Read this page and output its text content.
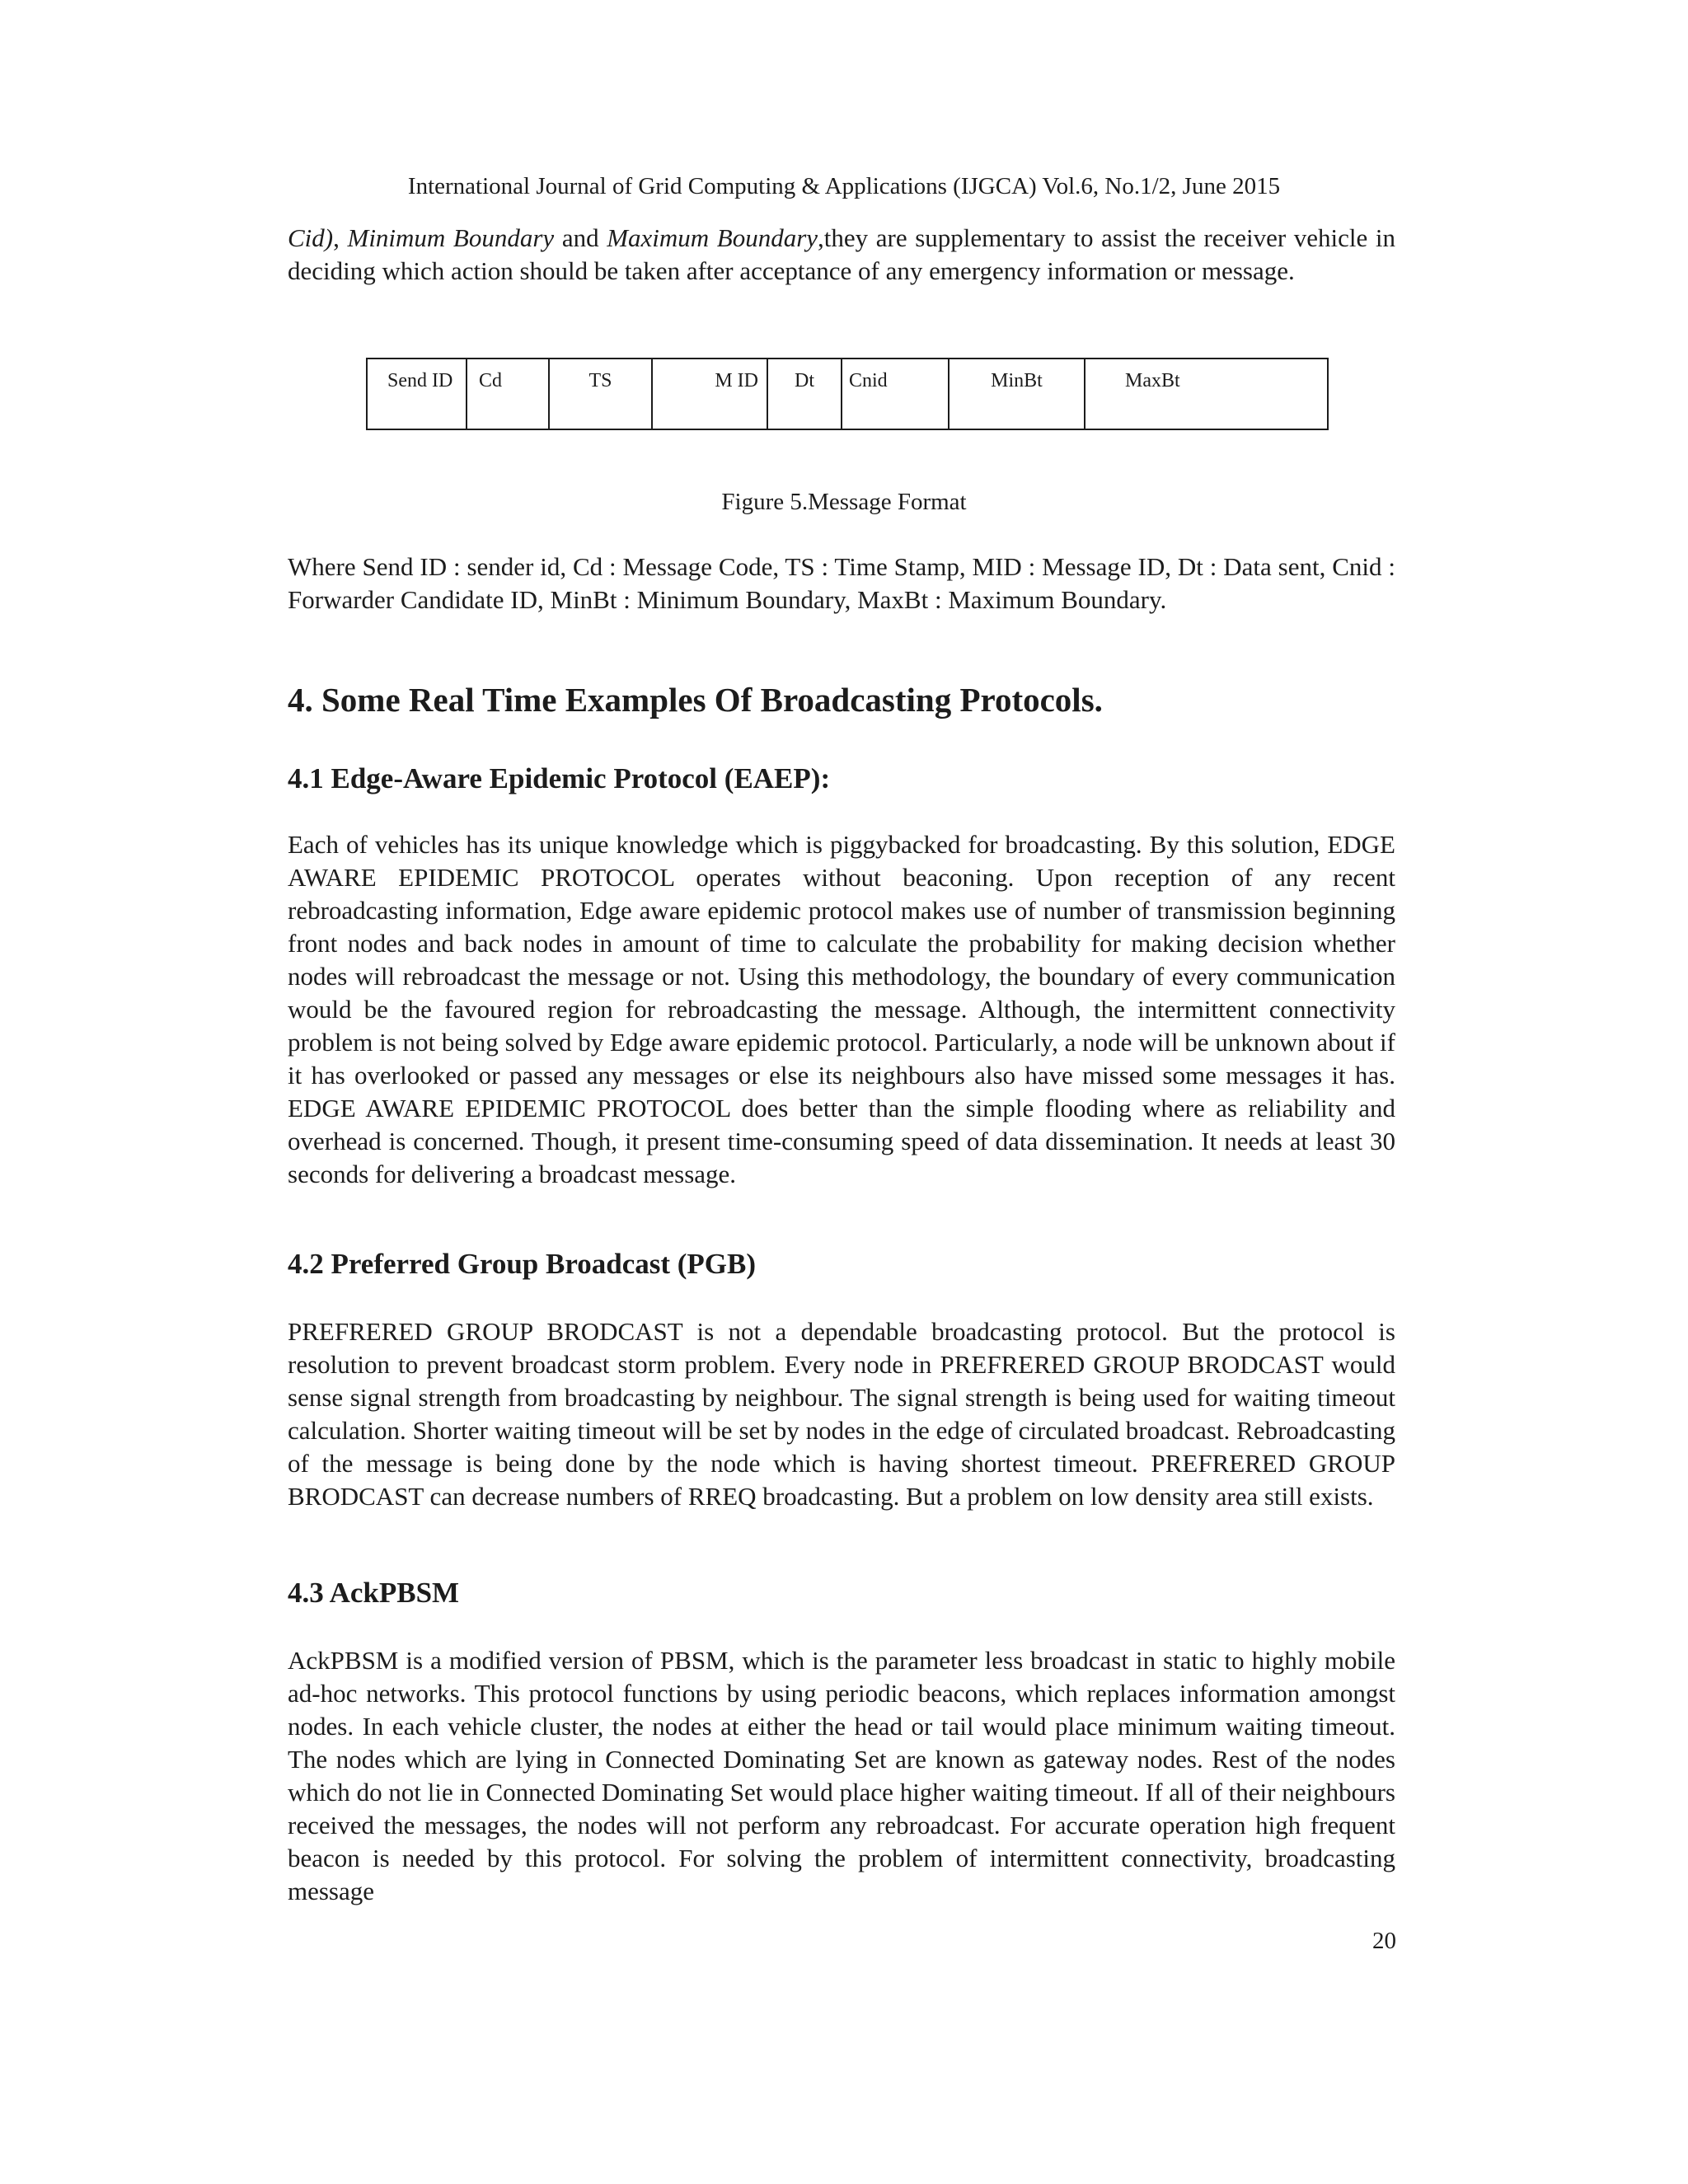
International Journal of Grid Computing & Applications (IJGCA) Vol.6, No.1/2, June 2015

Cid), Minimum Boundary and Maximum Boundary,they are supplementary to assist the receiver vehicle in deciding which action should be taken after acceptance of any emergency information or message.

Send ID	Cd	TS	M ID	Dt	Cnid	MinBt	MaxBt
Figure 5.Message Format

Where Send ID : sender id, Cd : Message Code, TS : Time Stamp, MID : Message ID, Dt : Data sent, Cnid : Forwarder Candidate ID, MinBt : Minimum Boundary, MaxBt : Maximum Boundary.

4. Some Real Time Examples Of Broadcasting Protocols.
4.1 Edge-Aware Epidemic Protocol (EAEP):

Each of vehicles has its unique knowledge which is piggybacked for broadcasting. By this solution, EDGE AWARE EPIDEMIC PROTOCOL operates without beaconing. Upon reception of any recent rebroadcasting information, Edge aware epidemic protocol makes use of number of transmission beginning front nodes and back nodes in amount of time to calculate the probability for making decision whether nodes will rebroadcast the message or not. Using this methodology, the boundary of every communication would be the favoured region for rebroadcasting the message. Although, the intermittent connectivity problem is not being solved by Edge aware epidemic protocol. Particularly, a node will be unknown about if it has overlooked or passed any messages or else its neighbours also have missed some messages it has. EDGE AWARE EPIDEMIC PROTOCOL does better than the simple flooding where as reliability and overhead is concerned. Though, it present time-consuming speed of data dissemination. It needs at least 30 seconds for delivering a broadcast message.

4.2 Preferred Group Broadcast (PGB)

PREFRERED GROUP BRODCAST is not a dependable broadcasting protocol. But the protocol is resolution to prevent broadcast storm problem. Every node in PREFRERED GROUP BRODCAST would sense signal strength from broadcasting by neighbour. The signal strength is being used for waiting timeout calculation. Shorter waiting timeout will be set by nodes in the edge of circulated broadcast. Rebroadcasting of the message is being done by the node which is having shortest timeout. PREFRERED GROUP BRODCAST can decrease numbers of RREQ broadcasting. But a problem on low density area still exists.

4.3 AckPBSM

AckPBSM is a modified version of PBSM, which is the parameter less broadcast in static to highly mobile ad-hoc networks. This protocol functions by using periodic beacons, which replaces information amongst nodes. In each vehicle cluster, the nodes at either the head or tail would place minimum waiting timeout. The nodes which are lying in Connected Dominating Set are known as gateway nodes. Rest of the nodes which do not lie in Connected Dominating Set would place higher waiting timeout. If all of their neighbours received the messages, the nodes will not perform any rebroadcast. For accurate operation high frequent beacon is needed by this protocol. For solving the problem of intermittent connectivity, broadcasting message

20
